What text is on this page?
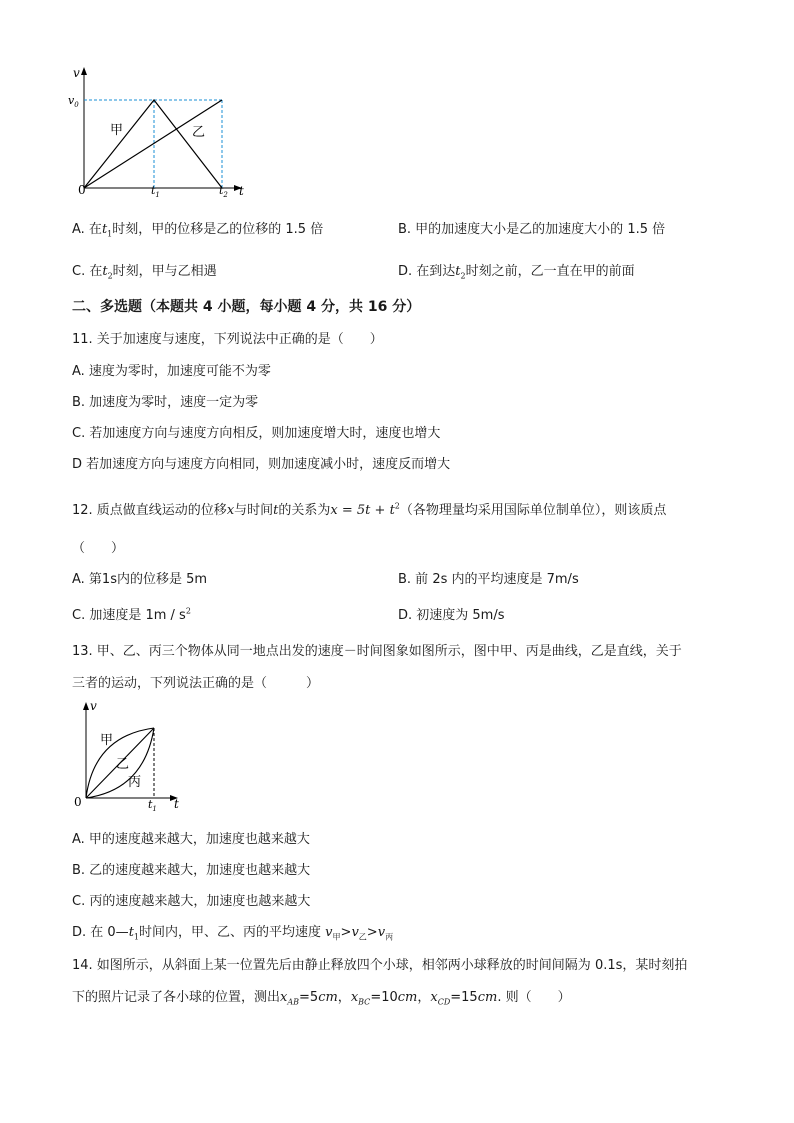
v
t
$v_0$
0	$t_1$	$t_2$
甲	乙
A. 在$t_1$时刻，甲的位移是乙的位移的 1.5 倍	B. 甲的加速度大小是乙的加速度大小的 1.5 倍
C. 在$t_2$时刻，甲与乙相遇	D. 在到达$t_2$时刻之前，乙一直在甲的前面
二、多选题（本题共 4 小题，每小题 4 分，共 16 分）
11. 关于加速度与速度，下列说法中正确的是（　　）
A. 速度为零时，加速度可能不为零
B. 加速度为零时，速度一定为零
C. 若加速度方向与速度方向相反，则加速度增大时，速度也增大
D 若加速度方向与速度方向相同，则加速度减小时，速度反而增大
12. 质点做直线运动的位移x与时间t的关系为$x = 5t + t^2$（各物理量均采用国际单位制单位），则该质点
（　　）
A. 第1s内的位移是 5m	B. 前 2s 内的平均速度是 7m/s
C. 加速度是 $1m / s^2$	D. 初速度为 5m/s
13. 甲、乙、丙三个物体从同一地点出发的速度－时间图象如图所示，图中甲、丙是曲线，乙是直线，关于
三者的运动，下列说法正确的是（　　　）
v
t
0	$t_1$
甲
乙
丙
A. 甲的速度越来越大，加速度也越来越大
B. 乙的速度越来越大，加速度也越来越大
C. 丙的速度越来越大，加速度也越来越大
D. 在 $0—t_1$时间内，甲、乙、丙的平均速度 $v_甲>v_乙>v_丙$
14. 如图所示，从斜面上某一位置先后由静止释放四个小球，相邻两小球释放的时间间隔为 0.1s，某时刻拍
下的照片记录了各小球的位置，测出$x_{AB}=5cm$，$x_{BC}=10cm$，$x_{CD}=15cm$. 则（　　）
